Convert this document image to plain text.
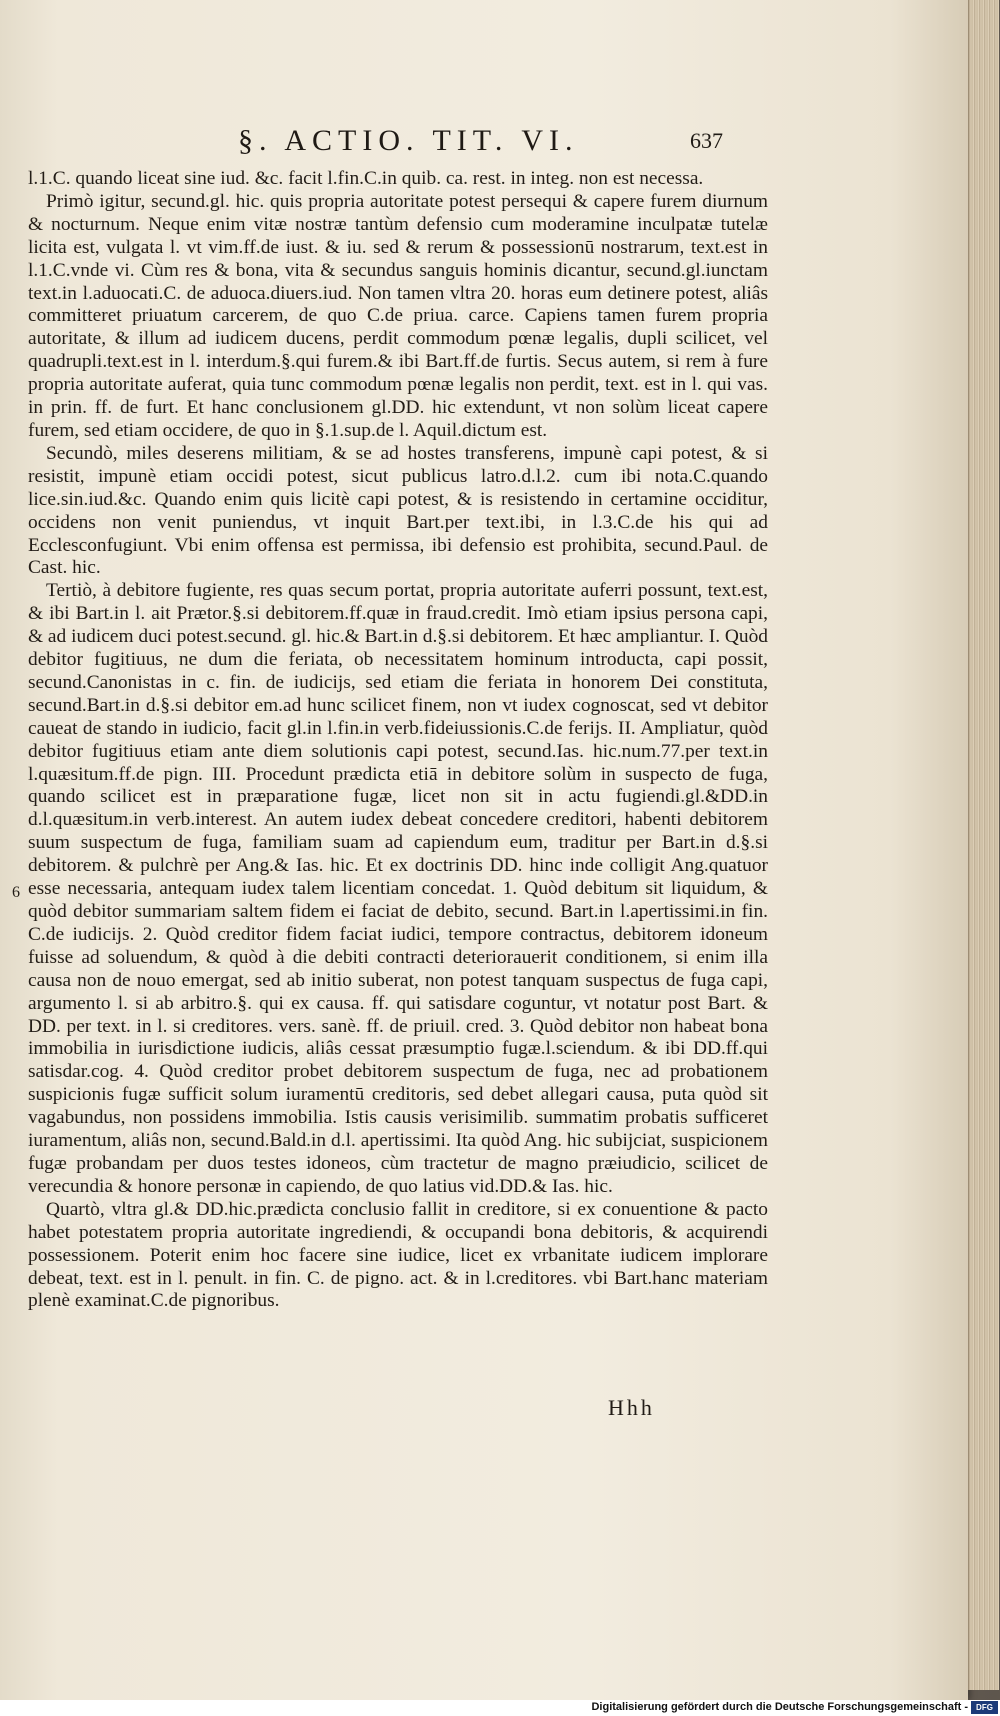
§. ACTIO. TIT. VI.	637

l.1.C. quando liceat sine iud. &c. facit l.fin.C.in quib. ca. rest. in integ. non est necessa.

Primò igitur, secund.gl. hic. quis propria autoritate potest persequi & capere furem diurnum & nocturnum. Neque enim vitæ nostræ tantùm defensio cum moderamine inculpatæ tutelæ licita est, vulgata l. vt vim.ff.de iust. & iu. sed & rerum & possessionū nostrarum, text.est in l.1.C.vnde vi. Cùm res & bona, vita & secundus sanguis hominis dicantur, secund.gl.iunctam text.in l.aduocati.C. de aduoca.diuers.iud. Non tamen vltra 20. horas eum detinere potest, aliâs committeret priuatum carcerem, de quo C.de priua. carce. Capiens tamen furem propria autoritate, & illum ad iudicem ducens, perdit commodum pœnæ legalis, dupli scilicet, vel quadrupli.text.est in l. interdum.§.qui furem.& ibi Bart.ff.de furtis. Secus autem, si rem à fure propria autoritate auferat, quia tunc commodum pœnæ legalis non perdit, text. est in l. qui vas. in prin. ff. de furt. Et hanc conclusionem gl.DD. hic extendunt, vt non solùm liceat capere furem, sed etiam occidere, de quo in §.1.sup.de l. Aquil.dictum est.

Secundò, miles deserens militiam, & se ad hostes transferens, impunè capi potest, & si resistit, impunè etiam occidi potest, sicut publicus latro.d.l.2. cum ibi nota.C.quando lice.sin.iud.&c. Quando enim quis licitè capi potest, & is resistendo in certamine occiditur, occidens non venit puniendus, vt inquit Bart.per text.ibi, in l.3.C.de his qui ad Ecclesconfugiunt. Vbi enim offensa est permissa, ibi defensio est prohibita, secund.Paul. de Cast. hic.

Tertiò, à debitore fugiente, res quas secum portat, propria autoritate auferri possunt, text.est, & ibi Bart.in l. ait Prætor.§.si debitorem.ff.quæ in fraud.credit. Imò etiam ipsius persona capi, & ad iudicem duci potest.secund. gl. hic.& Bart.in d.§.si debitorem. Et hæc ampliantur. I. Quòd debitor fugitiuus, ne dum die feriata, ob necessitatem hominum introducta, capi possit, secund.Canonistas in c. fin. de iudicijs, sed etiam die feriata in honorem Dei constituta, secund.Bart.in d.§.si debitor em.ad hunc scilicet finem, non vt iudex cognoscat, sed vt debitor caueat de stando in iudicio, facit gl.in l.fin.in verb.fideiussionis.C.de ferijs. II. Ampliatur, quòd debitor fugitiuus etiam ante diem solutionis capi potest, secund.Ias. hic.num.77.per text.in l.quæsitum.ff.de pign. III. Procedunt prædicta etiā in debitore solùm in suspecto de fuga, quando scilicet est in præparatione fugæ, licet non sit in actu fugiendi.gl.&DD.in d.l.quæsitum.in verb.interest. An autem iudex debeat concedere creditori, habenti debitorem suum suspectum de fuga, familiam suam ad capiendum eum, traditur per Bart.in d.§.si debitorem. & pulchrè per Ang.& Ias. hic. Et ex doctrinis DD. hinc inde colligit Ang.quatuor esse necessaria, antequam iudex talem licentiam concedat. 1. Quòd debitum sit liquidum, & quòd debitor summariam saltem fidem ei faciat de debito, secund. Bart.in l.apertissimi.in fin. C.de iudicijs. 2. Quòd creditor fidem faciat iudici, tempore contractus, debitorem idoneum fuisse ad soluendum, & quòd à die debiti contracti deteriorauerit conditionem, si enim illa causa non de nouo emergat, sed ab initio suberat, non potest tanquam suspectus de fuga capi, argumento l. si ab arbitro.§. qui ex causa. ff. qui satisdare coguntur, vt notatur post Bart. & DD. per text. in l. si creditores. vers. sanè. ff. de priuil. cred. 3. Quòd debitor non habeat bona immobilia in iurisdictione iudicis, aliâs cessat præsumptio fugæ.l.sciendum. & ibi DD.ff.qui satisdar.cog. 4. Quòd creditor probet debitorem suspectum de fuga, nec ad probationem suspicionis fugæ sufficit solum iuramentū creditoris, sed debet allegari causa, puta quòd sit vagabundus, non possidens immobilia. Istis causis verisimilib. summatim probatis sufficeret iuramentum, aliâs non, secund.Bald.in d.l. apertissimi. Ita quòd Ang. hic subijciat, suspicionem fugæ probandam per duos testes idoneos, cùm tractetur de magno præiudicio, scilicet de verecundia & honore personæ in capiendo, de quo latius vid.DD.& Ias. hic.

Quartò, vltra gl.& DD.hic.prædicta conclusio fallit in creditore, si ex conuentione & pacto habet potestatem propria autoritate ingrediendi, & occupandi bona debitoris, & acquirendi possessionem. Poterit enim hoc facere sine iudice, licet ex vrbanitate iudicem implorare debeat, text. est in l. penult. in fin. C. de pigno. act. & in l.creditores. vbi Bart.hanc materiam plenè examinat.C.de pignoribus.

6
Hhh
Digitalisierung gefördert durch die Deutsche Forschungsgemeinschaft -	DFG
